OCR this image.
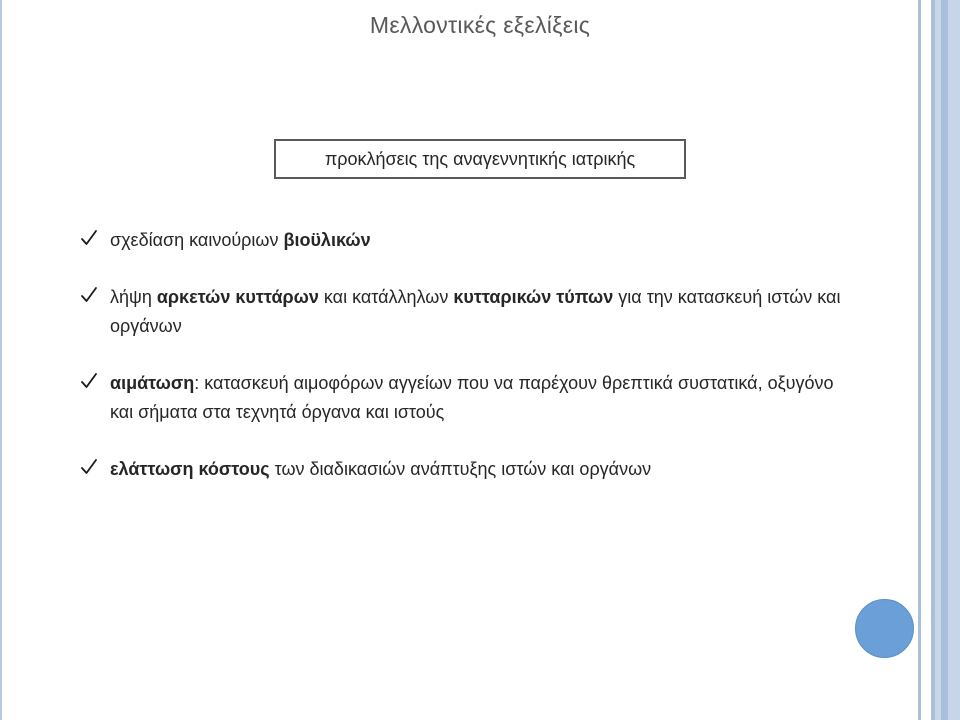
Μελλοντικές εξελίξεις
προκλήσεις της αναγεννητικής ιατρικής
σχεδίαση καινούριων βιοϋλικών
λήψη αρκετών κυττάρων και κατάλληλων κυτταρικών τύπων για την κατασκευή ιστών και οργάνων
αιμάτωση: κατασκευή αιμοφόρων αγγείων που να παρέχουν θρεπτικά συστατικά, οξυγόνο και σήματα στα τεχνητά όργανα και ιστούς
ελάττωση κόστους των διαδικασιών ανάπτυξης ιστών και οργάνων
